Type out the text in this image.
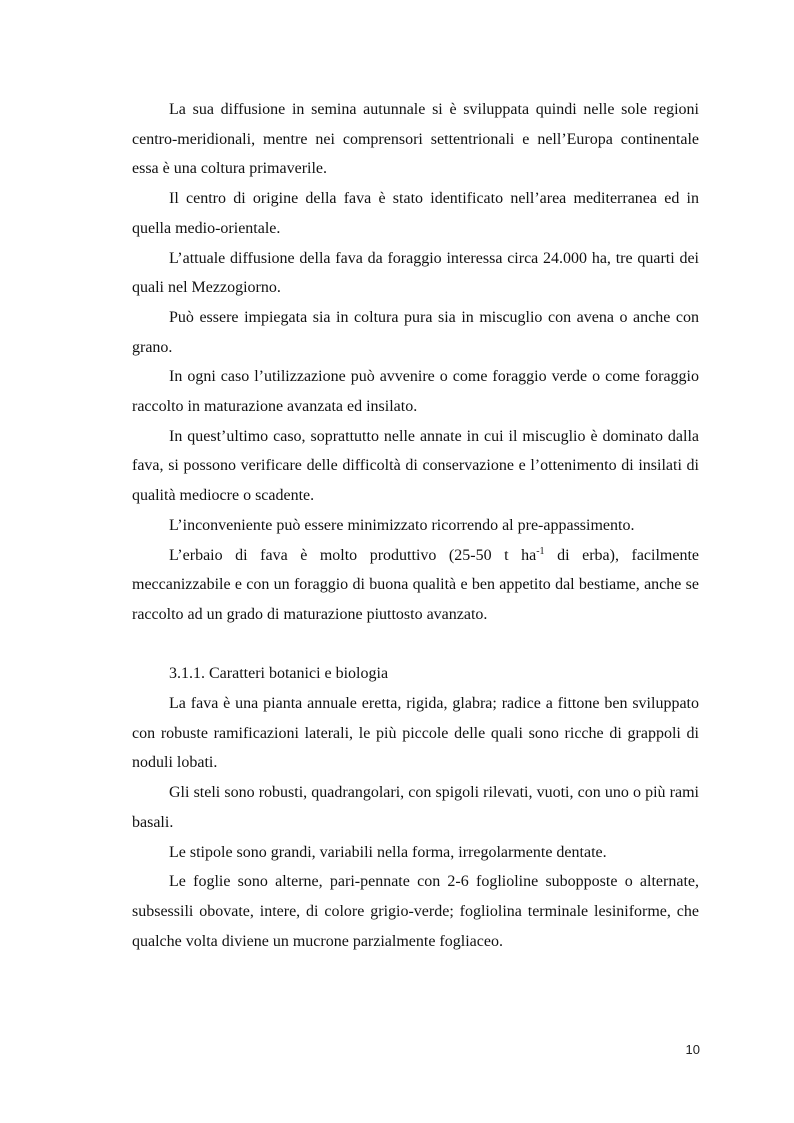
La sua diffusione in semina autunnale si è sviluppata quindi nelle sole regioni centro-meridionali, mentre nei comprensori settentrionali e nell’Europa continentale essa è una coltura primaverile.

Il centro di origine della fava è stato identificato nell’area mediterranea ed in quella medio-orientale.

L’attuale diffusione della fava da foraggio interessa circa 24.000 ha, tre quarti dei quali nel Mezzogiorno.

Può essere impiegata sia in coltura pura sia in miscuglio con avena o anche con grano.

In ogni caso l’utilizzazione può avvenire o come foraggio verde o come foraggio raccolto in maturazione avanzata ed insilato.

In quest’ultimo caso, soprattutto nelle annate in cui il miscuglio è dominato dalla fava, si possono verificare delle difficoltà di conservazione e l’ottenimento di insilati di qualità mediocre o scadente.

L’inconveniente può essere minimizzato ricorrendo al pre-appassimento.

L’erbaio di fava è molto produttivo (25-50 t $ha^{-1}$ di erba), facilmente meccanizzabile e con un foraggio di buona qualità e ben appetito dal bestiame, anche se raccolto ad un grado di maturazione piuttosto avanzato.

3.1.1. Caratteri botanici e biologia

La fava è una pianta annuale eretta, rigida, glabra; radice a fittone ben sviluppato con robuste ramificazioni laterali, le più piccole delle quali sono ricche di grappoli di noduli lobati.

Gli steli sono robusti, quadrangolari, con spigoli rilevati, vuoti, con uno o più rami basali.

Le stipole sono grandi, variabili nella forma, irregolarmente dentate.

Le foglie sono alterne, pari-pennate con 2-6 foglioline subopposte o alternate, subsessili obovate, intere, di colore grigio-verde; fogliolina terminale lesiniforme, che qualche volta diviene un mucrone parzialmente fogliaceo.

10
